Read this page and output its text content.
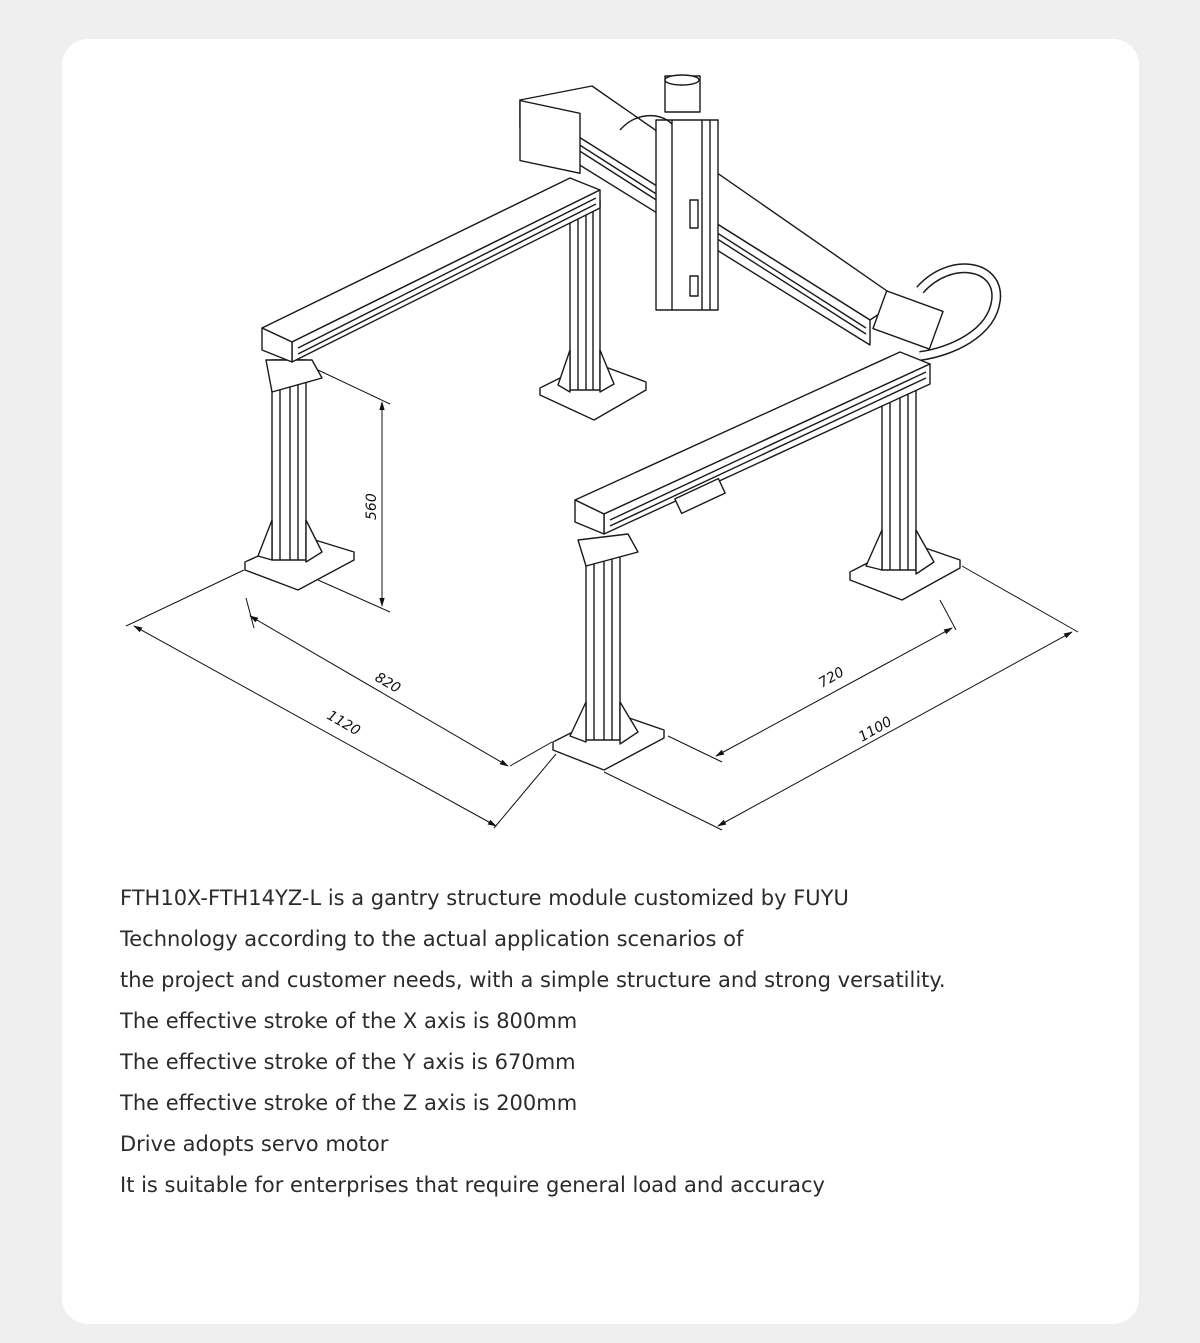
560
820
1120
720
1100
FTH10X-FTH14YZ-L is a gantry structure module customized by FUYU
Technology according to the actual application scenarios of
the project and customer needs, with a simple structure and strong versatility.
The effective stroke of the X axis is 800mm
The effective stroke of the Y axis is 670mm
The effective stroke of the Z axis is 200mm
Drive adopts servo motor
It is suitable for enterprises that require general load and accuracy
